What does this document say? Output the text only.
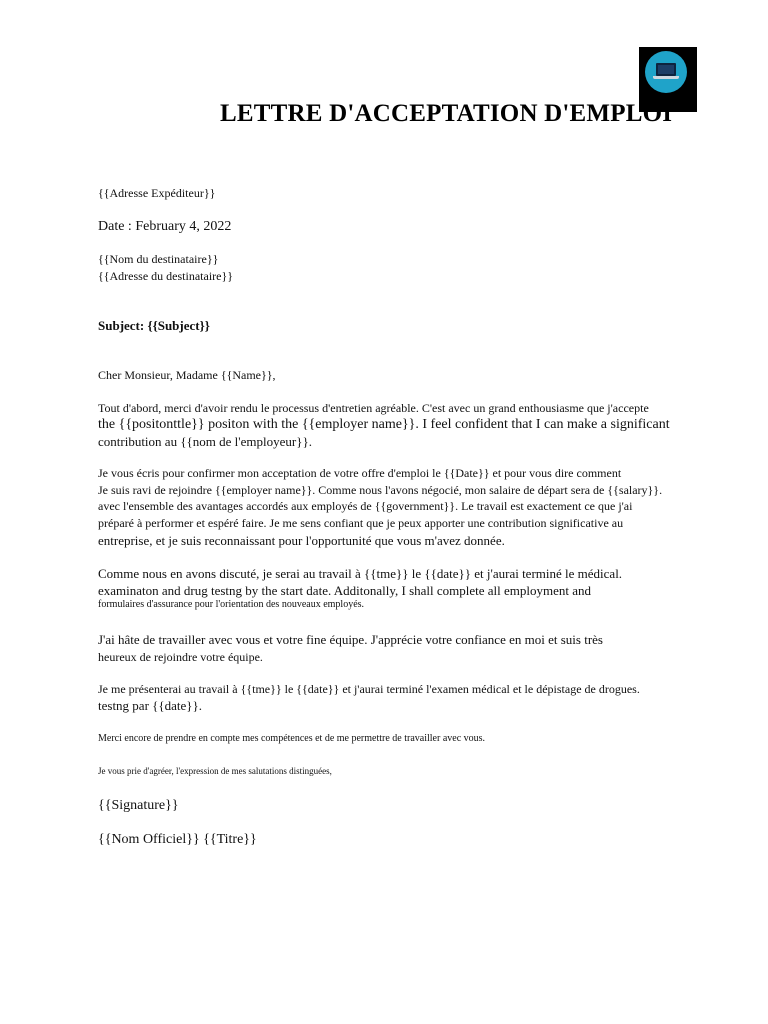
LETTRE D'ACCEPTATION D'EMPLOI
{{Adresse Expéditeur}}
Date : February 4, 2022
{{Nom du destinataire}}
{{Adresse du destinataire}}
Subject: {{Subject}}
Cher Monsieur, Madame {{Name}},
Tout d'abord, merci d'avoir rendu le processus d'entretien agréable. C'est avec un grand enthousiasme que j'accepte
the {{positonttle}} positon with the {{employer name}}. I feel confident that I can make a significant
contribution au {{nom de l'employeur}}.
Je vous écris pour confirmer mon acceptation de votre offre d'emploi le {{Date}} et pour vous dire comment
Je suis ravi de rejoindre {{employer name}}. Comme nous l'avons négocié, mon salaire de départ sera de {{salary}}.
avec l'ensemble des avantages accordés aux employés de {{government}}. Le travail est exactement ce que j'ai
préparé à performer et espéré faire. Je me sens confiant que je peux apporter une contribution significative au
entreprise, et je suis reconnaissant pour l'opportunité que vous m'avez donnée.
Comme nous en avons discuté, je serai au travail à {{tme}} le {{date}} et j'aurai terminé le médical.
examinaton and drug testng by the start date. Additonally, I shall complete all employment and
formulaires d'assurance pour l'orientation des nouveaux employés.
J'ai hâte de travailler avec vous et votre fine équipe. J'apprécie votre confiance en moi et suis très
heureux de rejoindre votre équipe.
Je me présenterai au travail à {{tme}} le {{date}} et j'aurai terminé l'examen médical et le dépistage de drogues.
testng par {{date}}.
Merci encore de prendre en compte mes compétences et de me permettre de travailler avec vous.
Je vous prie d'agréer, l'expression de mes salutations distinguées,
{{Signature}}
{{Nom Officiel}} {{Titre}}
